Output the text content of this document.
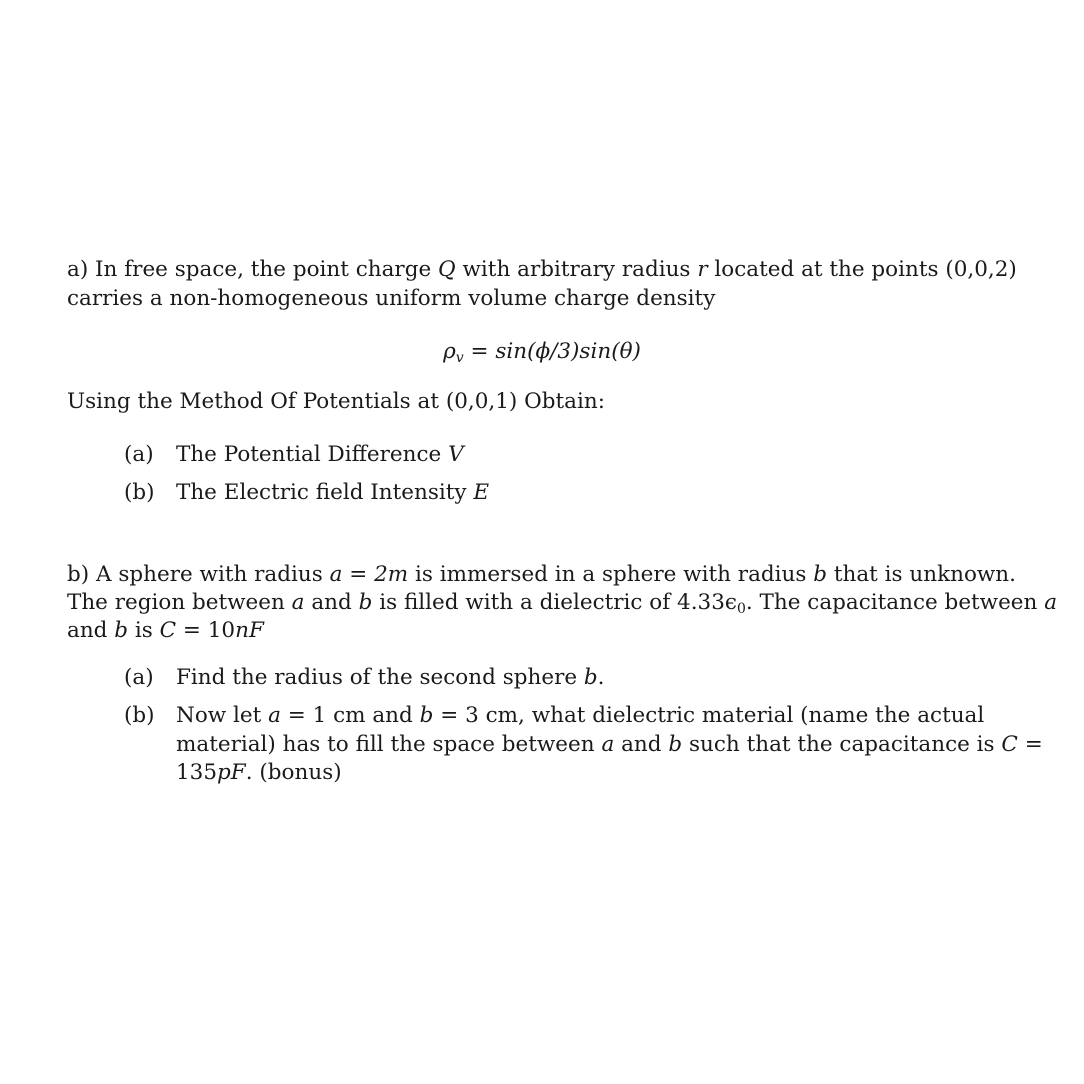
a) In free space, the point charge Q with arbitrary radius r located at the points (0,0,2)
carries a non-homogeneous uniform volume charge density
$\rho_v = \sin(\phi/3)\sin(\theta)$
Using the Method Of Potentials at (0,0,1) Obtain:
(a) The Potential Difference V
(b) The Electric field Intensity E
b) A sphere with radius a = 2m is immersed in a sphere with radius b that is unknown.
The region between a and b is filled with a dielectric of $4.33\epsilon_0$. The capacitance between a
and b is C = 10nF
(a) Find the radius of the second sphere b.
(b) Now let a = 1 cm and b = 3 cm, what dielectric material (name the actual
material) has to fill the space between a and b such that the capacitance is C =
135pF. (bonus)
